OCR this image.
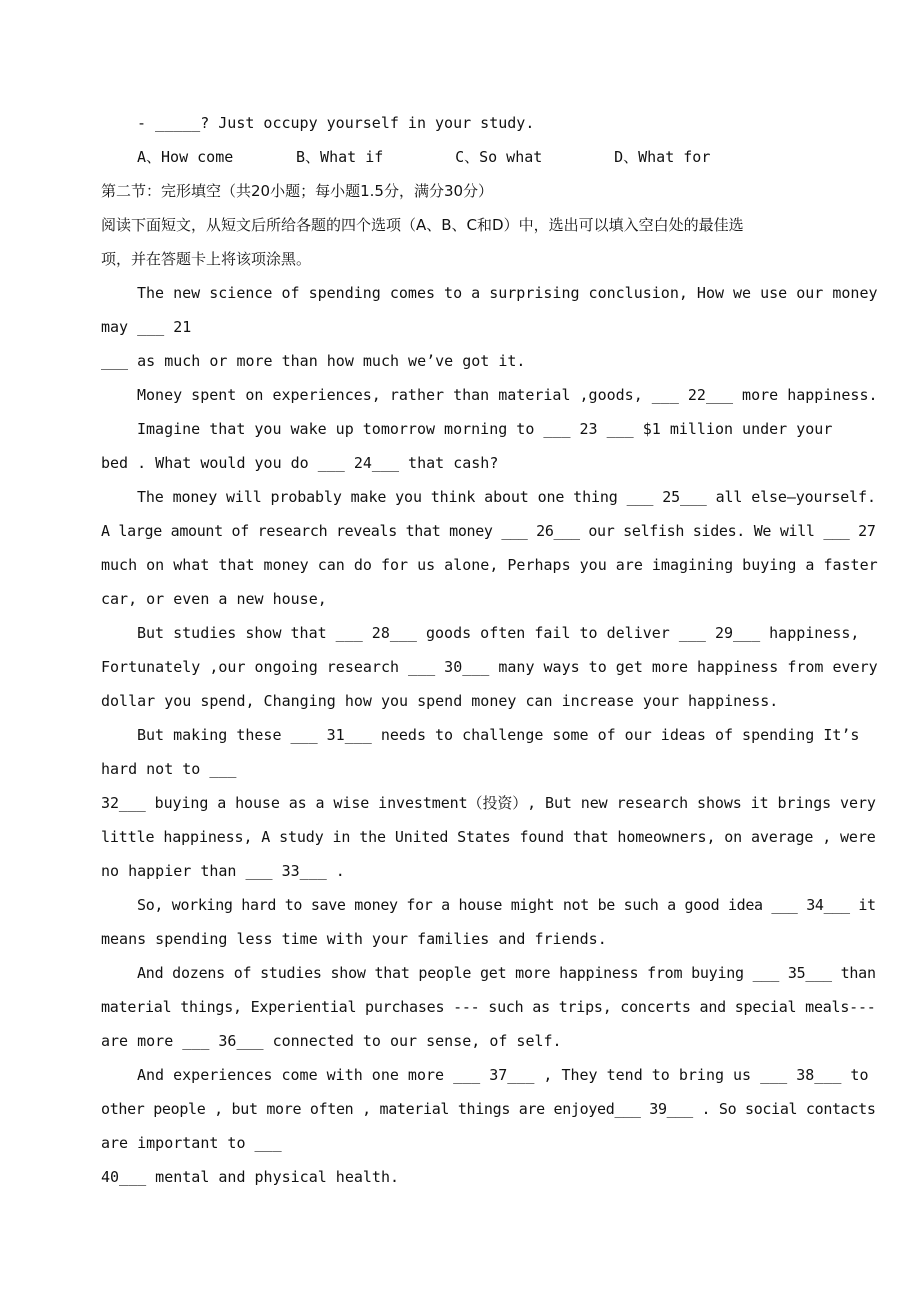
- _____? Just occupy yourself in your study.
A、How come	B、What if	C、So what	D、What for
第二节：完形填空（共20小题；每小题1.5分，满分30分）
阅读下面短文，从短文后所给各题的四个选项（A、B、C和D）中，选出可以填入空白处的最佳选
项，并在答题卡上将该项涂黑。
The new science of spending comes to a surprising conclusion, How we use our money
may ___ 21
___ as much or more than how much we’ve got it.
Money spent on experiences, rather than material ,goods, ___ 22___ more happiness.
Imagine that you wake up tomorrow morning to ___ 23 ___ $1 million under your
bed . What would you do ___ 24___ that cash?
The money will probably make you think about one thing ___ 25___ all else—yourself.
A large amount of research reveals that money ___ 26___ our selfish sides. We will ___ 27
much on what that money can do for us alone, Perhaps you are imagining buying a faster
car, or even a new house,
But studies show that ___ 28___ goods often fail to deliver ___ 29___ happiness,
Fortunately ,our ongoing research ___ 30___ many ways to get more happiness from every
dollar you spend, Changing how you spend money can increase your happiness.
But making these ___ 31___ needs to challenge some of our ideas of spending It’s
hard not to ___
32___ buying a house as a wise investment（投资）, But new research shows it brings very
little happiness, A study in the United States found that homeowners, on average , were
no happier than ___ 33___ .
So, working hard to save money for a house might not be such a good idea ___ 34___ it
means spending less time with your families and friends.
And dozens of studies show that people get more happiness from buying ___ 35___ than
material things, Experiential purchases --- such as trips, concerts and special meals---
are more ___ 36___ connected to our sense, of self.
And experiences come with one more ___ 37___ , They tend to bring us ___ 38___ to
other people , but more often , material things are enjoyed___ 39___ . So social contacts
are important to ___
40___ mental and physical health.
